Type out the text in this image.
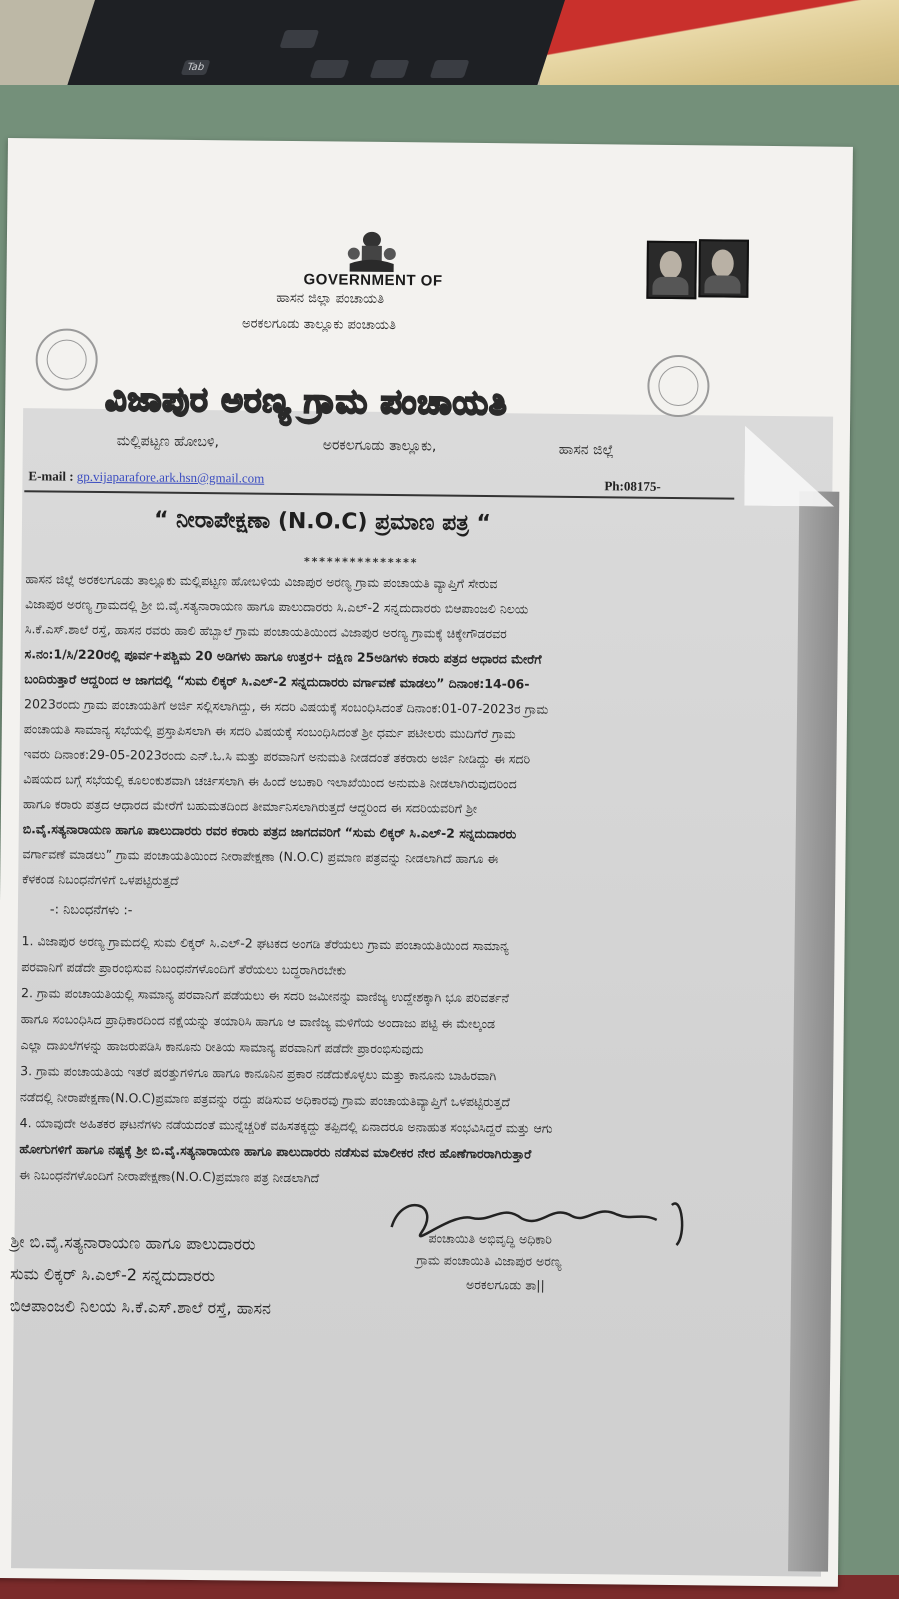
Tab
GOVERNMENT OF
ಹಾಸನ ಜಿಲ್ಲಾ ಪಂಚಾಯತಿ
ಅರಕಲಗೂಡು ತಾಲ್ಲೂಕು ಪಂಚಾಯತಿ
ವಿಜಾಪುರ ಅರಣ್ಯ ಗ್ರಾಮ ಪಂಚಾಯತಿ
ಮಲ್ಲಿಪಟ್ಟಣ ಹೋಬಳಿ,	ಅರಕಲಗೂಡು ತಾಲ್ಲೂಕು,	ಹಾಸನ ಜಿಲ್ಲೆ
E-mail : gp.vijaparafore.ark.hsn@gmail.com
Ph:08175-
“ ನೀರಾಪೇಕ್ಷಣಾ (N.O.C) ಪ್ರಮಾಣ ಪತ್ರ “
***************

ಹಾಸನ ಜಿಲ್ಲೆ ಅರಕಲಗೂಡು ತಾಲ್ಲೂಕು ಮಲ್ಲಿಪಟ್ಟಣ ಹೋಬಳಿಯ ವಿಜಾಪುರ ಅರಣ್ಯ ಗ್ರಾಮ ಪಂಚಾಯತಿ ವ್ಯಾಪ್ತಿಗೆ ಸೇರುವ

ವಿಜಾಪುರ ಅರಣ್ಯ ಗ್ರಾಮದಲ್ಲಿ ಶ್ರೀ ಬಿ.ವೈ.ಸತ್ಯನಾರಾಯಣ ಹಾಗೂ ಪಾಲುದಾರರು ಸಿ.ಎಲ್-2 ಸನ್ನದುದಾರರು ಬಿಆಪಾಂಜಲಿ ನಿಲಯ

ಸಿ.ಕೆ.ಎಸ್.ಶಾಲೆ ರಸ್ತೆ, ಹಾಸನ ರವರು ಹಾಲಿ ಹೆಬ್ಬಾಲೆ ಗ್ರಾಮ ಪಂಚಾಯತಿಯಿಂದ ವಿಜಾಪುರ ಅರಣ್ಯ ಗ್ರಾಮಕ್ಕೆ ಚಿಕ್ಕೇಗೌಡರವರ

ಸ.ನಂ:1/ಸಿ/220ರಲ್ಲಿ ಪೂರ್ವ+ಪಶ್ಚಿಮ 20 ಅಡಿಗಳು ಹಾಗೂ ಉತ್ತರ+ ದಕ್ಷಿಣ 25ಅಡಿಗಳು ಕರಾರು ಪತ್ರದ ಆಧಾರದ ಮೇರೆಗೆ

ಬಂದಿರುತ್ತಾರೆ ಆದ್ದರಿಂದ ಆ ಜಾಗದಲ್ಲಿ “ಸುಮ ಲಿಕ್ಕರ್ ಸಿ.ಎಲ್-2 ಸನ್ನದುದಾರರು ವರ್ಗಾವಣೆ ಮಾಡಲು” ದಿನಾಂಕ:14-06-

2023ರಂದು ಗ್ರಾಮ ಪಂಚಾಯತಿಗೆ ಅರ್ಜಿ ಸಲ್ಲಿಸಲಾಗಿದ್ದು, ಈ ಸದರಿ ವಿಷಯಕ್ಕೆ ಸಂಬಂಧಿಸಿದಂತೆ ದಿನಾಂಕ:01-07-2023ರ ಗ್ರಾಮ

ಪಂಚಾಯತಿ ಸಾಮಾನ್ಯ ಸಭೆಯಲ್ಲಿ ಪ್ರಸ್ತಾಪಿಸಲಾಗಿ ಈ ಸದರಿ ವಿಷಯಕ್ಕೆ ಸಂಬಂಧಿಸಿದಂತೆ ಶ್ರೀ ಧರ್ಮ ಪಟೀಲರು ಮುದಿಗೆರೆ ಗ್ರಾಮ

ಇವರು ದಿನಾಂಕ:29-05-2023ರಂದು ಎನ್.ಓ.ಸಿ ಮತ್ತು ಪರವಾನಿಗೆ ಅನುಮತಿ ನೀಡದಂತೆ ತಕರಾರು ಅರ್ಜಿ ನೀಡಿದ್ದು ಈ ಸದರಿ

ವಿಷಯದ ಬಗ್ಗೆ ಸಭೆಯಲ್ಲಿ ಕೂಲಂಕುಶವಾಗಿ ಚರ್ಚಿಸಲಾಗಿ ಈ ಹಿಂದೆ ಅಬಕಾರಿ ಇಲಾಖೆಯಿಂದ ಅನುಮತಿ ನೀಡಲಾಗಿರುವುದರಿಂದ

ಹಾಗೂ ಕರಾರು ಪತ್ರದ ಆಧಾರದ ಮೇರೆಗೆ ಬಹುಮತದಿಂದ ತೀರ್ಮಾನಿಸಲಾಗಿರುತ್ತದೆ ಆದ್ದರಿಂದ ಈ ಸದರಿಯವರಿಗೆ ಶ್ರೀ

ಬಿ.ವೈ.ಸತ್ಯನಾರಾಯಣ ಹಾಗೂ ಪಾಲುದಾರರು ರವರ ಕರಾರು ಪತ್ರದ ಜಾಗದವರಿಗೆ “ಸುಮ ಲಿಕ್ಕರ್ ಸಿ.ಎಲ್-2 ಸನ್ನದುದಾರರು

ವರ್ಗಾವಣೆ ಮಾಡಲು” ಗ್ರಾಮ ಪಂಚಾಯತಿಯಿಂದ ನೀರಾಪೇಕ್ಷಣಾ (N.O.C) ಪ್ರಮಾಣ ಪತ್ರವನ್ನು ನೀಡಲಾಗಿದೆ ಹಾಗೂ ಈ

ಕೆಳಕಂಡ ನಿಬಂಧನೆಗಳಿಗೆ ಒಳಪಟ್ಟಿರುತ್ತದೆ

-: ನಿಬಂಧನೆಗಳು :-

1. ವಿಜಾಪುರ ಅರಣ್ಯ ಗ್ರಾಮದಲ್ಲಿ ಸುಮ ಲಿಕ್ಕರ್ ಸಿ.ಎಲ್-2 ಘಟಕದ ಅಂಗಡಿ ತೆರೆಯಲು ಗ್ರಾಮ ಪಂಚಾಯತಿಯಿಂದ ಸಾಮಾನ್ಯ

ಪರವಾನಿಗೆ ಪಡೆದೇ ಪ್ರಾರಂಭಿಸುವ ನಿಬಂಧನೆಗಳೊಂದಿಗೆ ತೆರೆಯಲು ಬದ್ಧರಾಗಿರಬೇಕು

2. ಗ್ರಾಮ ಪಂಚಾಯತಿಯಲ್ಲಿ ಸಾಮಾನ್ಯ ಪರವಾನಿಗೆ ಪಡೆಯಲು ಈ ಸದರಿ ಜಮೀನನ್ನು ವಾಣಿಜ್ಯ ಉದ್ದೇಶಕ್ಕಾಗಿ ಭೂ ಪರಿವರ್ತನೆ

ಹಾಗೂ ಸಂಬಂಧಿಸಿದ ಪ್ರಾಧಿಕಾರದಿಂದ ನಕ್ಷೆಯನ್ನು ತಯಾರಿಸಿ ಹಾಗೂ ಆ ವಾಣಿಜ್ಯ ಮಳಿಗೆಯ ಅಂದಾಜು ಪಟ್ಟಿ ಈ ಮೇಲ್ಕಂಡ

ಎಲ್ಲಾ ದಾಖಲೆಗಳನ್ನು ಹಾಜರುಪಡಿಸಿ ಕಾನೂನು ರೀತಿಯ ಸಾಮಾನ್ಯ ಪರವಾನಿಗೆ ಪಡೆದೇ ಪ್ರಾರಂಭಿಸುವುದು

3. ಗ್ರಾಮ ಪಂಚಾಯತಿಯ ಇತರೆ ಷರತ್ತುಗಳಿಗೂ ಹಾಗೂ ಕಾನೂನಿನ ಪ್ರಕಾರ ನಡೆದುಕೊಳ್ಳಲು ಮತ್ತು ಕಾನೂನು ಬಾಹಿರವಾಗಿ

ನಡೆದಲ್ಲಿ ನೀರಾಪೇಕ್ಷಣಾ(N.O.C)ಪ್ರಮಾಣ ಪತ್ರವನ್ನು ರದ್ದು ಪಡಿಸುವ ಅಧಿಕಾರವು ಗ್ರಾಮ ಪಂಚಾಯತಿವ್ಯಾಪ್ತಿಗೆ ಒಳಪಟ್ಟಿರುತ್ತದೆ

4. ಯಾವುದೇ ಅಹಿತಕರ ಘಟನೆಗಳು ನಡೆಯದಂತೆ ಮುನ್ನೆಚ್ಚರಿಕೆ ವಹಿಸತಕ್ಕದ್ದು ತಪ್ಪಿದಲ್ಲಿ ಏನಾದರೂ ಅನಾಹುತ ಸಂಭವಿಸಿದ್ದರೆ ಮತ್ತು ಆಗು

ಹೋಗುಗಳಿಗೆ ಹಾಗೂ ನಷ್ಟಕ್ಕೆ ಶ್ರೀ ಬಿ.ವೈ.ಸತ್ಯನಾರಾಯಣ ಹಾಗೂ ಪಾಲುದಾರರು ನಡೆಸುವ ಮಾಲೀಕರ ನೇರ ಹೊಣೆಗಾರರಾಗಿರುತ್ತಾರೆ

ಈ ನಿಬಂಧನೆಗಳೊಂದಿಗೆ ನೀರಾಪೇಕ್ಷಣಾ(N.O.C)ಪ್ರಮಾಣ ಪತ್ರ ನೀಡಲಾಗಿದೆ

ಪಂಚಾಯಿತಿ ಅಭಿವೃದ್ಧಿ ಅಧಿಕಾರಿ
ಗ್ರಾಮ ಪಂಚಾಯಿತಿ ವಿಜಾಪುರ ಅರಣ್ಯ
ಅರಕಲಗೂಡು ತಾ||
ಶ್ರೀ ಬಿ.ವೈ.ಸತ್ಯನಾರಾಯಣ ಹಾಗೂ ಪಾಲುದಾರರು
ಸುಮ ಲಿಕ್ಕರ್ ಸಿ.ಎಲ್-2 ಸನ್ನದುದಾರರು
ಬಿಆಪಾಂಜಲಿ ನಿಲಯ ಸಿ.ಕೆ.ಎಸ್.ಶಾಲೆ ರಸ್ತೆ, ಹಾಸನ
